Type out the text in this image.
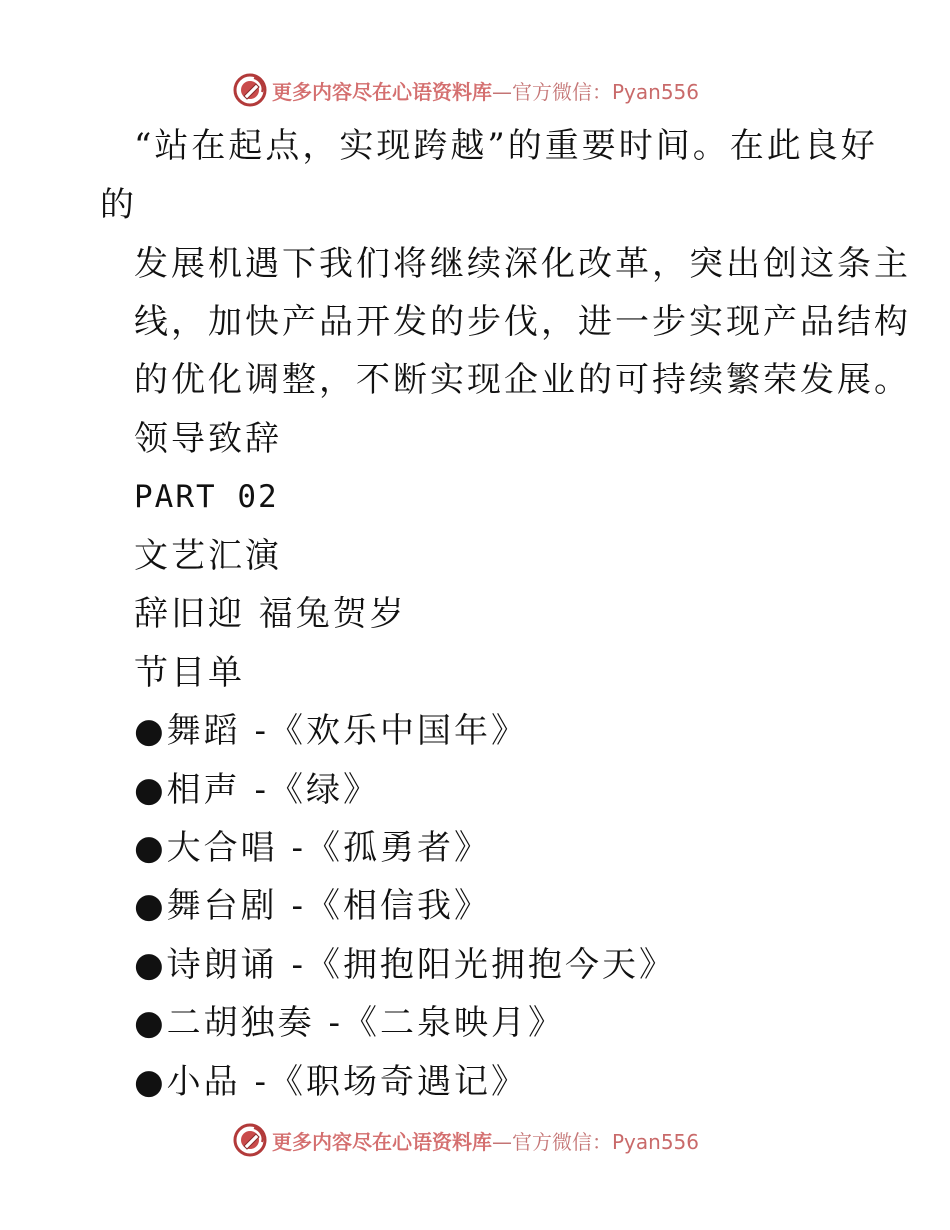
更多内容尽在心语资料库—官方微信：Pyan556
“站在起点，实现跨越”的重要时间。在此良好
的
发展机遇下我们将继续深化改革，突出创这条主
线，加快产品开发的步伐，进一步实现产品结构
的优化调整，不断实现企业的可持续繁荣发展。
领导致辞
PART 02
文艺汇演
辞旧迎 福兔贺岁
节目单
●舞蹈 -《欢乐中国年》
●相声 -《绿》
●大合唱 -《孤勇者》
●舞台剧 -《相信我》
●诗朗诵 -《拥抱阳光拥抱今天》
●二胡独奏 -《二泉映月》
●小品 -《职场奇遇记》
更多内容尽在心语资料库—官方微信：Pyan556
